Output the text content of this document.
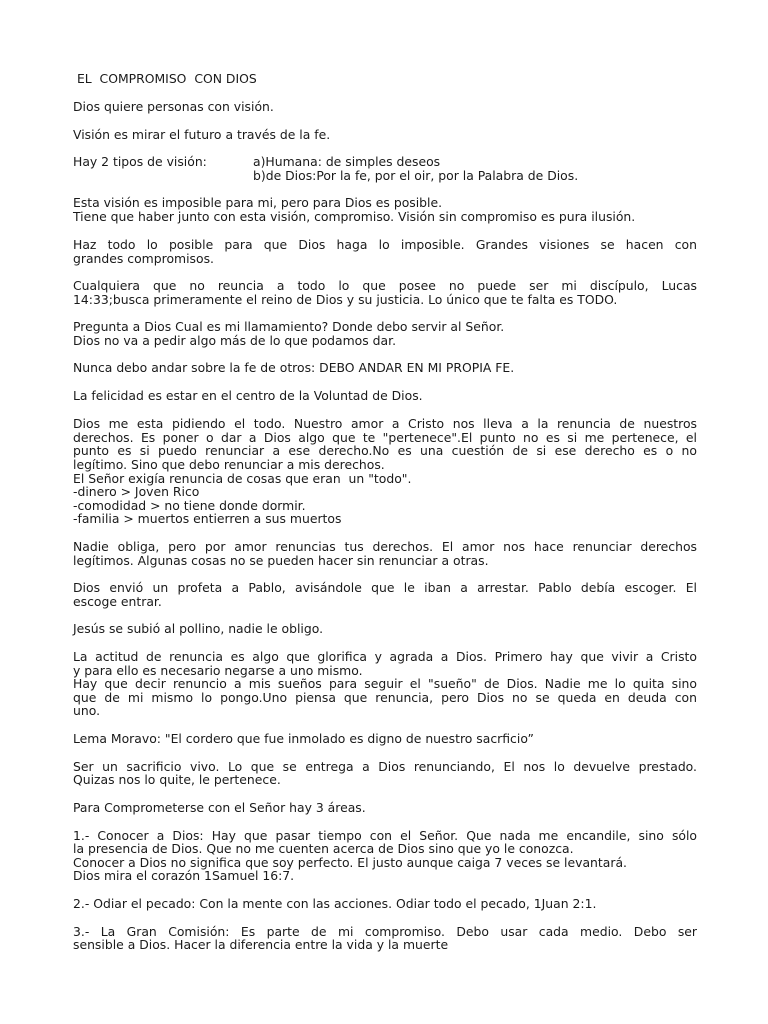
EL  COMPROMISO  CON DIOS
Dios quiere personas con visión.
Visión es mirar el futuro a través de la fe.
Hay 2 tipos de visión:	a)Humana: de simples deseos
b)de Dios:Por la fe, por el oir, por la Palabra de Dios.
Esta visión es imposible para mi, pero para Dios es posible.
Tiene que haber junto con esta visión, compromiso. Visión sin compromiso es pura ilusión.
Haz todo lo posible para que Dios haga lo imposible. Grandes visiones se hacen con
grandes compromisos.
Cualquiera que no reuncia a todo lo que posee no puede ser mi discípulo, Lucas
14:33;busca primeramente el reino de Dios y su justicia. Lo único que te falta es TODO.
Pregunta a Dios Cual es mi llamamiento? Donde debo servir al Señor.
Dios no va a pedir algo más de lo que podamos dar.
Nunca debo andar sobre la fe de otros: DEBO ANDAR EN MI PROPIA FE.
La felicidad es estar en el centro de la Voluntad de Dios.
Dios me esta pidiendo el todo. Nuestro amor a Cristo nos lleva a la renuncia de nuestros
derechos. Es poner o dar a Dios algo que te "pertenece".El punto no es si me pertenece, el
punto es si puedo renunciar a ese derecho.No es una cuestión de si ese derecho es o no
legítimo. Sino que debo renunciar a mis derechos.
El Señor exigía renuncia de cosas que eran  un "todo".
-dinero > Joven Rico
-comodidad > no tiene donde dormir.
-familia > muertos entierren a sus muertos
Nadie obliga, pero por amor renuncias tus derechos. El amor nos hace renunciar derechos
legítimos. Algunas cosas no se pueden hacer sin renunciar a otras.
Dios envió un profeta a Pablo, avisándole que le iban a arrestar. Pablo debía escoger. El
escoge entrar.
Jesús se subió al pollino, nadie le obligo.
La actitud de renuncia es algo que glorifica y agrada a Dios. Primero hay que vivir a Cristo
y para ello es necesario negarse a uno mismo.
Hay que decir renuncio a mis sueños para seguir el "sueño" de Dios. Nadie me lo quita sino
que de mi mismo lo pongo.Uno piensa que renuncia, pero Dios no se queda en deuda con
uno.
Lema Moravo: "El cordero que fue inmolado es digno de nuestro sacrficio”
Ser un sacrificio vivo. Lo que se entrega a Dios renunciando, El nos lo devuelve prestado.
Quizas nos lo quite, le pertenece.
Para Comprometerse con el Señor hay 3 áreas.
1.- Conocer a Dios: Hay que pasar tiempo con el Señor. Que nada me encandile, sino sólo
la presencia de Dios. Que no me cuenten acerca de Dios sino que yo le conozca.
Conocer a Dios no significa que soy perfecto. El justo aunque caiga 7 veces se levantará.
Dios mira el corazón 1Samuel 16:7.
2.- Odiar el pecado: Con la mente con las acciones. Odiar todo el pecado, 1Juan 2:1.
3.- La Gran Comisión: Es parte de mi compromiso. Debo usar cada medio. Debo ser
sensible a Dios. Hacer la diferencia entre la vida y la muerte
